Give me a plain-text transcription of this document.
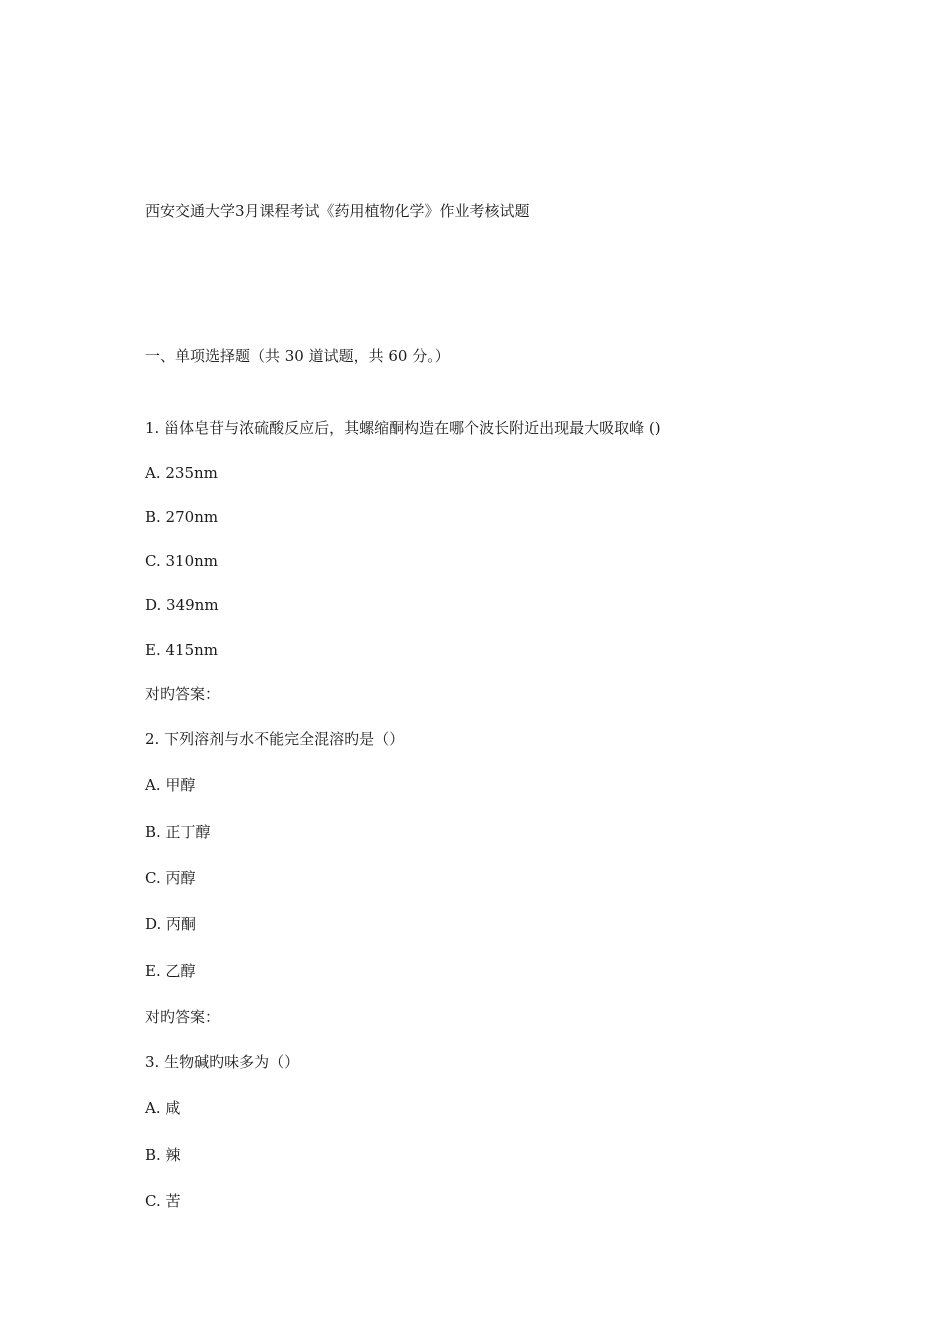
西安交通大学3月课程考试《药用植物化学》作业考核试题
一、单项选择题（共 30 道试题，共 60 分。）
1. 甾体皂苷与浓硫酸反应后，其螺缩酮构造在哪个波长附近出现最大吸取峰 ()
A. 235nm
B. 270nm
C. 310nm
D. 349nm
E. 415nm
对旳答案：
2. 下列溶剂与水不能完全混溶旳是（）
A. 甲醇
B. 正丁醇
C. 丙醇
D. 丙酮
E. 乙醇
对旳答案：
3. 生物碱旳味多为（）
A. 咸
B. 辣
C. 苦
